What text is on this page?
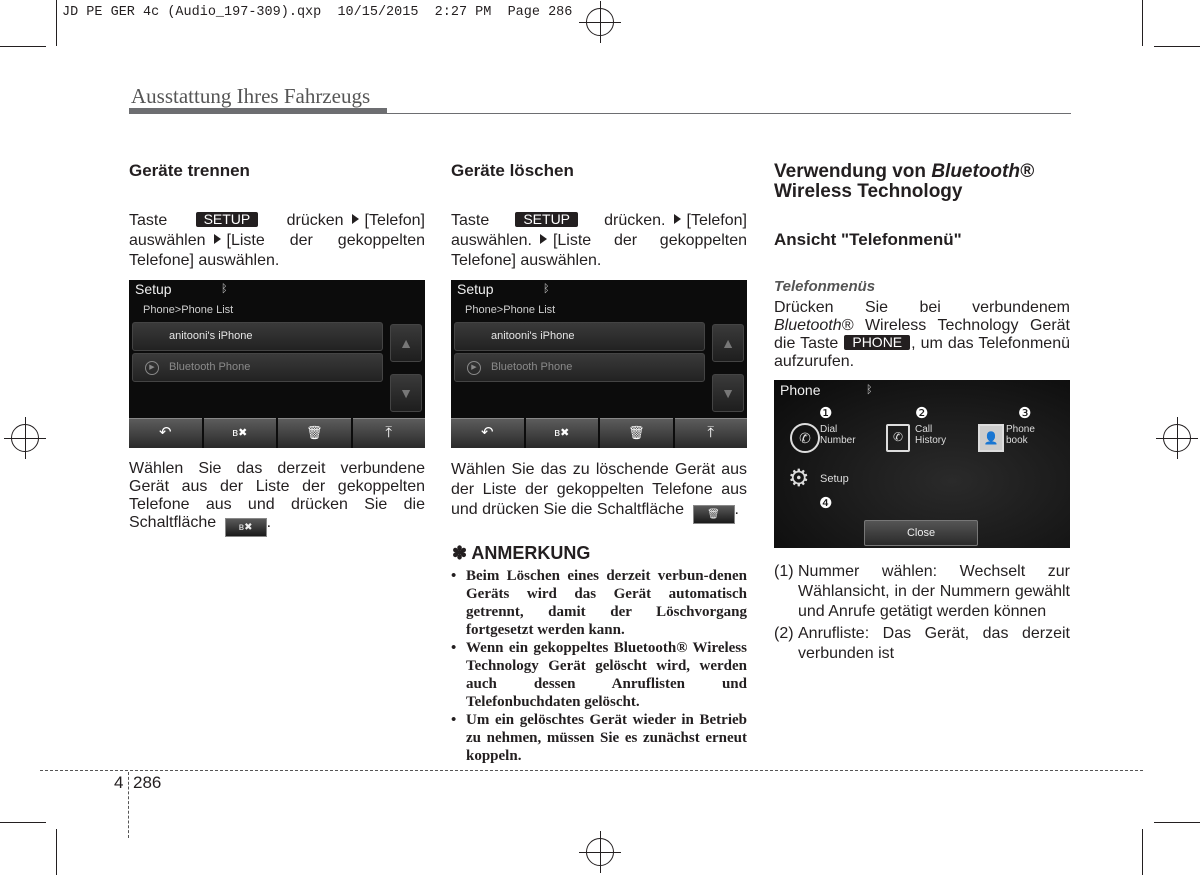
JD PE GER 4c (Audio_197-309).qxp  10/15/2015  2:27 PM  Page 286
Ausstattung Ihres Fahrzeugs
Geräte trennen
Taste	SETUP drücken [Telefon] auswählen [Liste der gekoppelten Telefone] auswählen.
Setup	ᛒ
Phone>Phone List
anitooni's iPhone
▶	Bluetooth Phone
▲
▼
↶	ʙ✖	🗑	⤒
Wählen Sie das derzeit verbundene Gerät aus der Liste der gekoppelten Telefone aus und drücken Sie die Schaltfläche ʙ✖ .
Geräte löschen
Taste SETUP drücken. [Telefon] auswählen. [Liste der gekoppelten Telefone] auswählen.
Setup	ᛒ
Phone>Phone List
anitooni's iPhone
▶	Bluetooth Phone
▲
▼
↶	ʙ✖	🗑	⤒
Wählen Sie das zu löschende Gerät aus der Liste der gekoppelten Telefone aus und drücken Sie die Schaltfläche 🗑 .
✽ ANMERKUNG
• Beim Löschen eines derzeit verbun-denen Geräts wird das Gerät automatisch getrennt, damit der Löschvorgang fortgesetzt werden kann.
• Wenn ein gekoppeltes Bluetooth® Wireless Technology Gerät gelöscht wird, werden auch dessen Anruflisten und Telefonbuchdaten gelöscht.
• Um ein gelöschtes Gerät wieder in Betrieb zu nehmen, müssen Sie es zunächst erneut koppeln.
Verwendung von Bluetooth®
Wireless Technology
Ansicht "Telefonmenü"
Telefonmenüs
Drücken Sie bei verbundenem Bluetooth® Wireless Technology Gerät die Taste PHONE , um das Telefonmenü aufzurufen.
Phone	ᛒ
❶	❷	❸
✆
Dial
Number	✆
Call
History	👤
Phone
book
⚙ Setup
❹
Close
(1) Nummer wählen: Wechselt zur Wählansicht, in der Nummern gewählt und Anrufe getätigt werden können
(2) Anrufliste: Das Gerät, das derzeit verbunden ist
4 286
